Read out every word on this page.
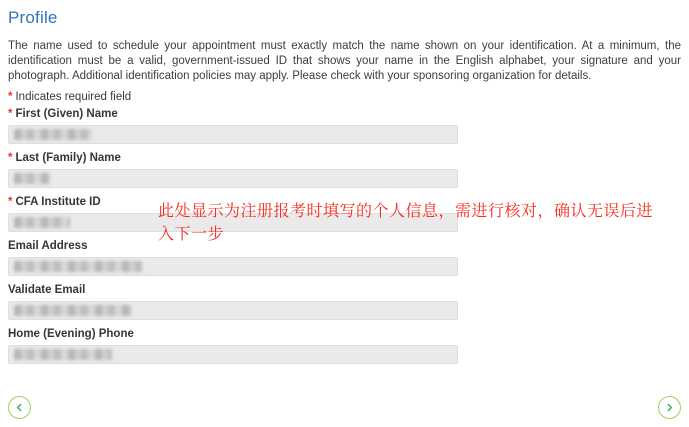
Profile

The name used to schedule your appointment must exactly match the name shown on your identification. At a minimum, the identification must be a valid, government-issued ID that shows your name in the English alphabet, your signature and your photograph. Additional identification policies may apply. Please check with your sponsoring organization for details.

* Indicates required field
* First (Given) Name
* Last (Family) Name
* CFA Institute ID
Email Address
Validate Email
Home (Evening) Phone
此处显示为注册报考时填写的个人信息，需进行核对，确认无误后进
入下一步
